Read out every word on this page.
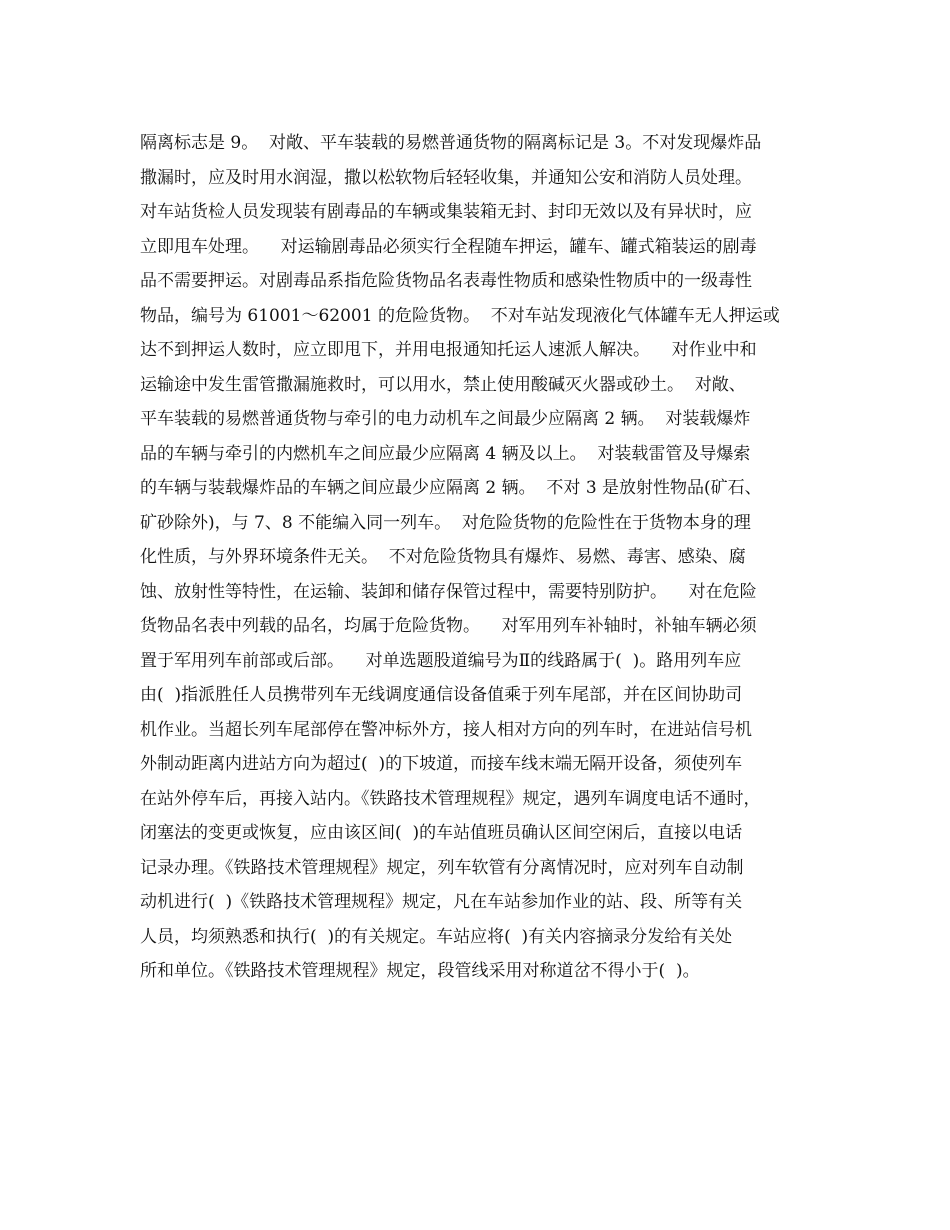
隔离标志是 9。  对敞、平车装载的易燃普通货物的隔离标记是 3。不对发现爆炸品
撒漏时，应及时用水润湿，撒以松软物后轻轻收集，并通知公安和消防人员处理。
对车站货检人员发现装有剧毒品的车辆或集装箱无封、封印无效以及有异状时，应
立即甩车处理。    对运输剧毒品必须实行全程随车押运，罐车、罐式箱装运的剧毒
品不需要押运。对剧毒品系指危险货物品名表毒性物质和感染性物质中的一级毒性
物品，编号为 61001～62001 的危险货物。  不对车站发现液化气体罐车无人押运或
达不到押运人数时，应立即甩下，并用电报通知托运人速派人解决。    对作业中和
运输途中发生雷管撒漏施救时，可以用水，禁止使用酸碱灭火器或砂土。  对敞、
平车装载的易燃普通货物与牵引的电力动机车之间最少应隔离 2 辆。  对装载爆炸
品的车辆与牵引的内燃机车之间应最少应隔离 4 辆及以上。  对装载雷管及导爆索
的车辆与装载爆炸品的车辆之间应最少应隔离 2 辆。  不对 3 是放射性物品(矿石、
矿砂除外)，与 7、8 不能编入同一列车。  对危险货物的危险性在于货物本身的理
化性质，与外界环境条件无关。  不对危险货物具有爆炸、易燃、毒害、感染、腐
蚀、放射性等特性，在运输、装卸和储存保管过程中，需要特别防护。    对在危险
货物品名表中列载的品名，均属于危险货物。    对军用列车补轴时，补轴车辆必须
置于军用列车前部或后部。    对单选题股道编号为Ⅱ的线路属于(  )。路用列车应
由(  )指派胜任人员携带列车无线调度通信设备值乘于列车尾部，并在区间协助司
机作业。当超长列车尾部停在警冲标外方，接人相对方向的列车时，在进站信号机
外制动距离内进站方向为超过(  )的下坡道，而接车线末端无隔开设备，须使列车
在站外停车后，再接入站内。《铁路技术管理规程》规定，遇列车调度电话不通时，
闭塞法的变更或恢复，应由该区间(  )的车站值班员确认区间空闲后，直接以电话
记录办理。《铁路技术管理规程》规定，列车软管有分离情况时，应对列车自动制
动机进行(  )《铁路技术管理规程》规定，凡在车站参加作业的站、段、所等有关
人员，均须熟悉和执行(  )的有关规定。车站应将(  )有关内容摘录分发给有关处
所和单位。《铁路技术管理规程》规定，段管线采用对称道岔不得小于(  )。
